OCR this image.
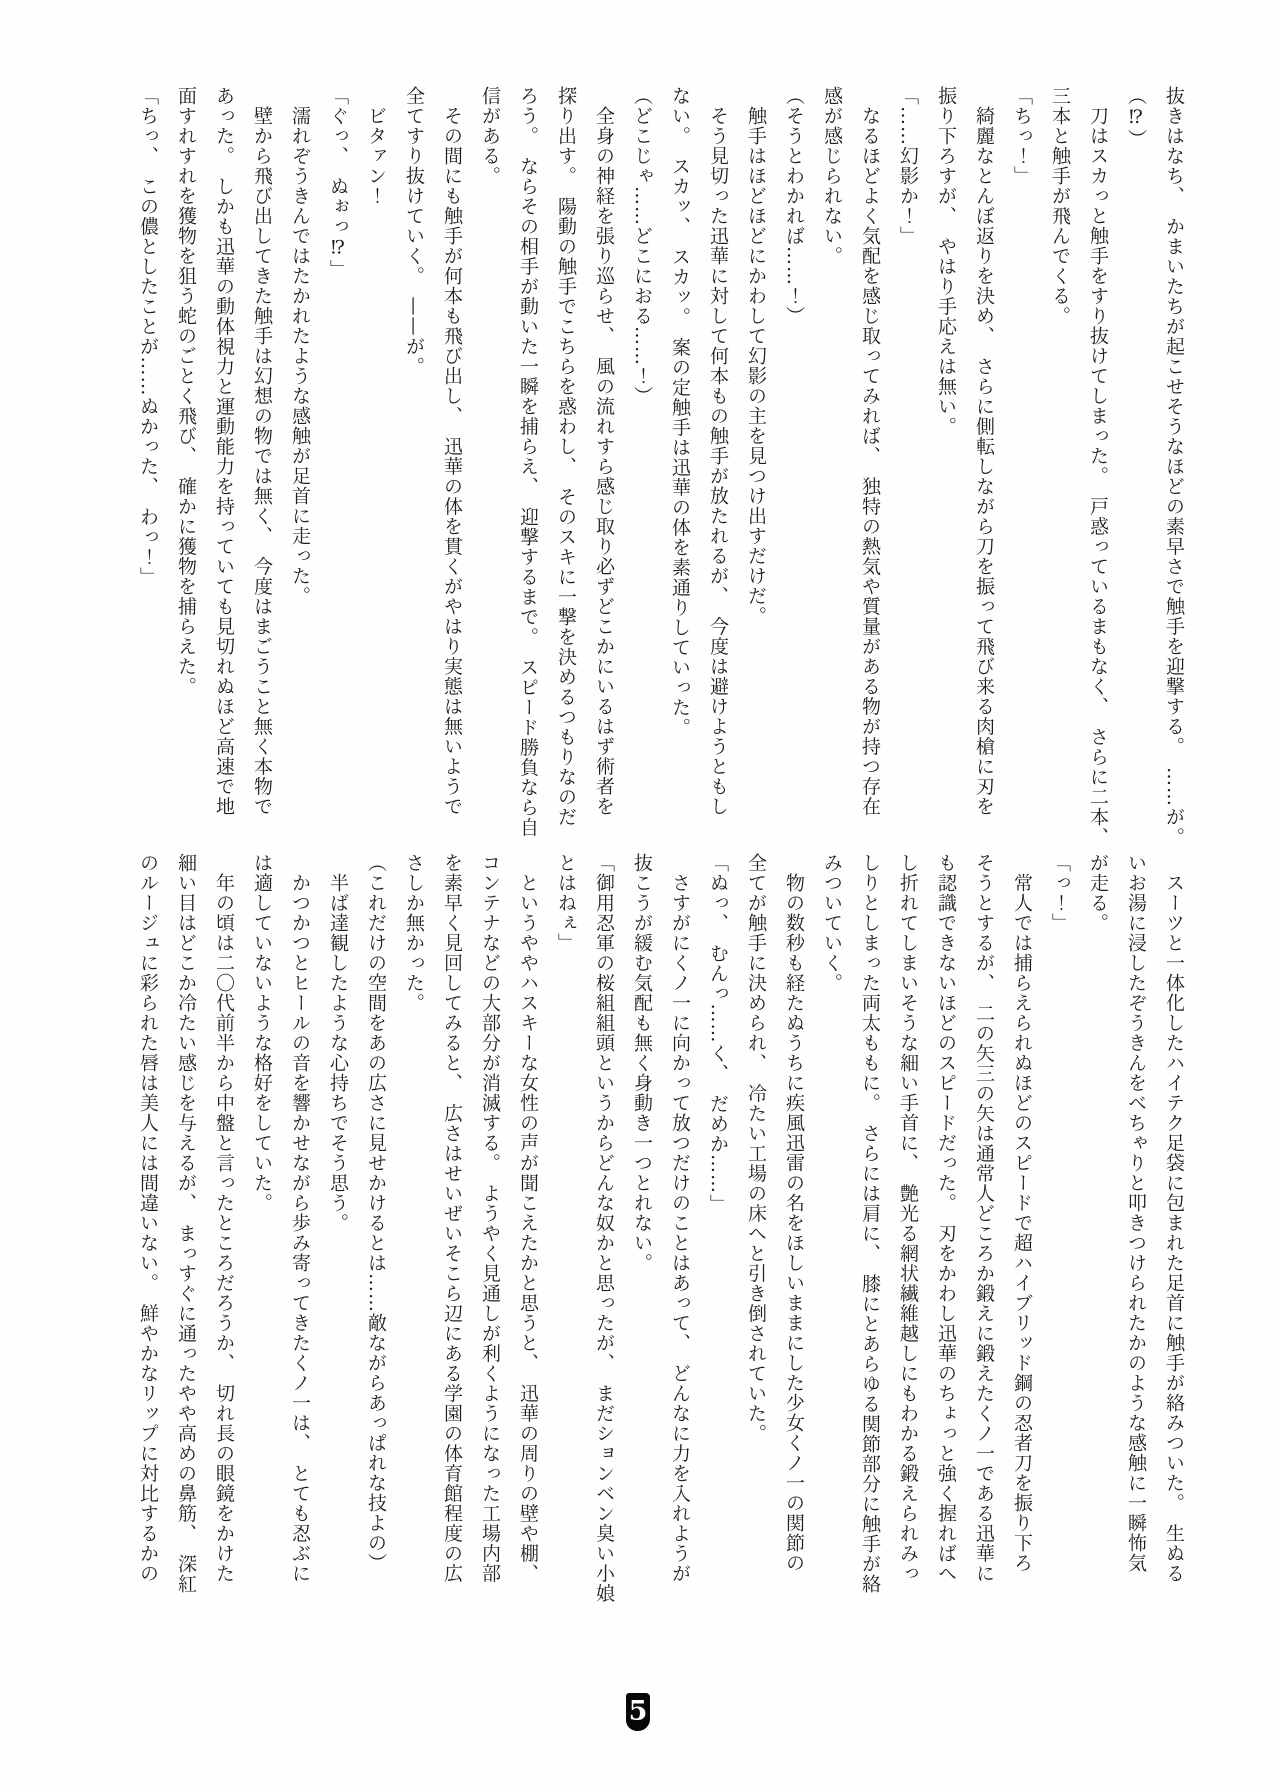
抜きはなち、　かまいたちが起こせそうなほどの素早さで触手を迎撃する。　……が。
（⁉）
　刀はスカっと触手をすり抜けてしまった。　戸惑っているまもなく、　さらに二本、
三本と触手が飛んでくる。
「ちっ！」
　綺麗なとんぼ返りを決め、　さらに側転しながら刀を振って飛び来る肉槍に刃を
振り下ろすが、　やはり手応えは無い。
「……幻影か！」
　なるほどよく気配を感じ取ってみれば、　独特の熱気や質量がある物が持つ存在
感が感じられない。
（そうとわかれば……！）
　触手はほどほどにかわして幻影の主を見つけ出すだけだ。
　そう見切った迅華に対して何本もの触手が放たれるが、　今度は避けようともし
ない。　スカッ、　スカッ。　案の定触手は迅華の体を素通りしていった。
（どこじゃ……どこにおる……！）
　全身の神経を張り巡らせ、　風の流れすら感じ取り必ずどこかにいるはず術者を
探り出す。　陽動の触手でこちらを惑わし、　そのスキに一撃を決めるつもりなのだ
ろう。　ならその相手が動いた一瞬を捕らえ、　迎撃するまで。　スピード勝負なら自
信がある。
　その間にも触手が何本も飛び出し、　迅華の体を貫くがやはり実態は無いようで
全てすり抜けていく。　——が。
　ビタァン！
「ぐっ、　ぬぉっ⁉」
　濡れぞうきんではたかれたような感触が足首に走った。
　壁から飛び出してきた触手は幻想の物では無く、　今度はまごうこと無く本物で
あった。　しかも迅華の動体視力と運動能力を持っていても見切れぬほど高速で地
面すれすれを獲物を狙う蛇のごとく飛び、　確かに獲物を捕らえた。
「ちっ、　この儂としたことが……ぬかった、　わっ！」
　スーツと一体化したハイテク足袋に包まれた足首に触手が絡みついた。　生ぬる
いお湯に浸したぞうきんをべちゃりと叩きつけられたかのような感触に一瞬怖気
が走る。
「っ！」
　常人では捕らえられぬほどのスピードで超ハイブリッド鋼の忍者刀を振り下ろ
そうとするが、　二の矢三の矢は通常人どころか鍛えに鍛えたくノ一である迅華に
も認識できないほどのスピードだった。　刃をかわし迅華のちょっと強く握ればへ
し折れてしまいそうな細い手首に、　艶光る網状繊維越しにもわかる鍛えられみっ
しりとしまった両太ももに。　さらには肩に、　膝にとあらゆる関節部分に触手が絡
みついていく。
　物の数秒も経たぬうちに疾風迅雷の名をほしいままにした少女くノ一の関節の
全てが触手に決められ、　冷たい工場の床へと引き倒されていた。
「ぬっ、　むんっ……く、　だめか……」
　さすがにくノ一に向かって放つだけのことはあって、　どんなに力を入れようが
抜こうが緩む気配も無く身動き一つとれない。
「御用忍軍の桜組組頭というからどんな奴かと思ったが、　まだションベン臭い小娘
とはねぇ」
　というややハスキーな女性の声が聞こえたかと思うと、　迅華の周りの壁や棚、
コンテナなどの大部分が消滅する。　ようやく見通しが利くようになった工場内部
を素早く見回してみると、　広さはせいぜいそこら辺にある学園の体育館程度の広
さしか無かった。
（これだけの空間をあの広さに見せかけるとは……敵ながらあっぱれな技よの）
　半ば達観したような心持ちでそう思う。
　かつかつとヒールの音を響かせながら歩み寄ってきたくノ一は、　とても忍ぶに
は適していないような格好をしていた。
　年の頃は二〇代前半から中盤と言ったところだろうか、　切れ長の眼鏡をかけた
細い目はどこか冷たい感じを与えるが、　まっすぐに通ったやや高めの鼻筋、　深紅
のルージュに彩られた唇は美人には間違いない。　鮮やかなリップに対比するかの
5
